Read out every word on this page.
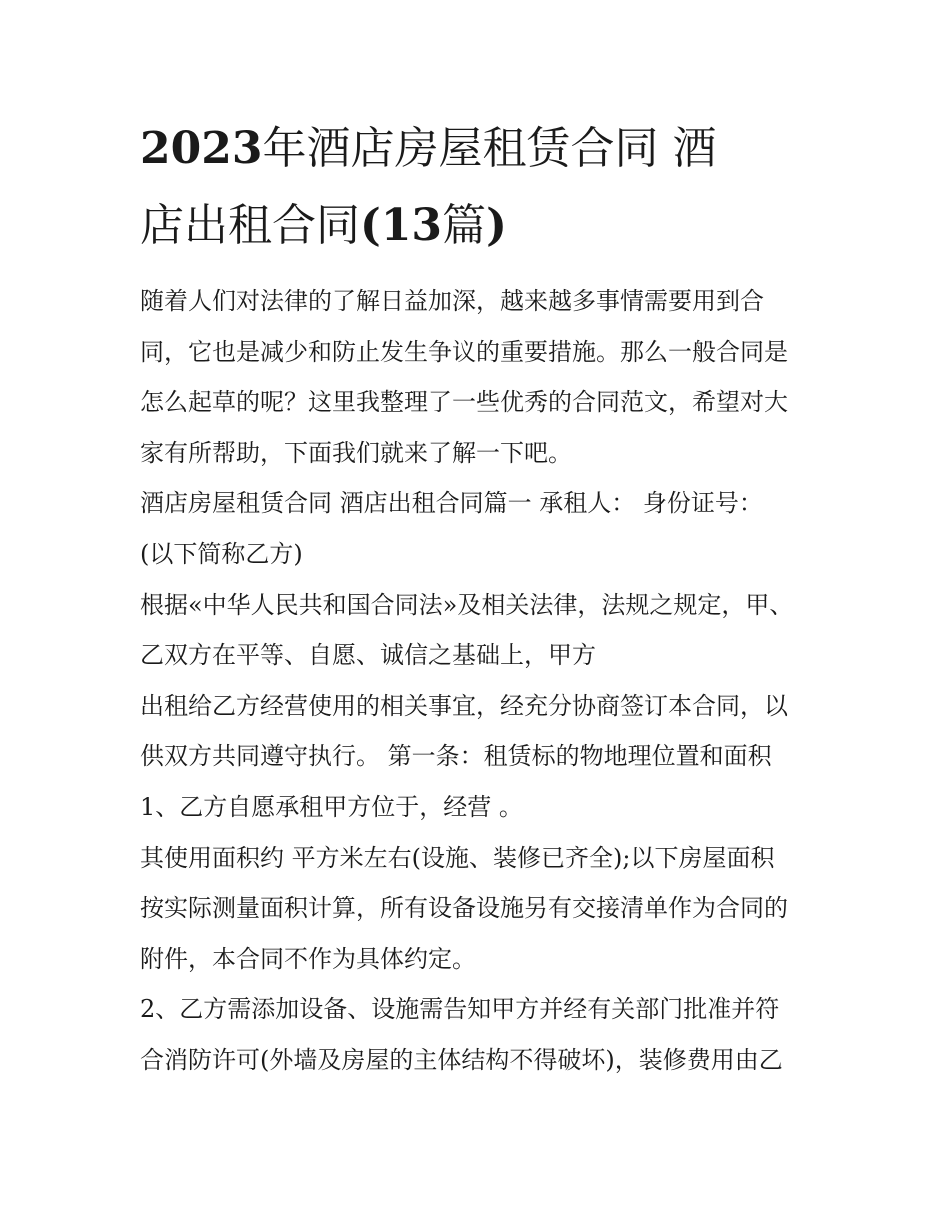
2023年酒店房屋租赁合同 酒
店出租合同(13篇)
随着人们对法律的了解日益加深，越来越多事情需要用到合
同，它也是减少和防止发生争议的重要措施。那么一般合同是
怎么起草的呢？这里我整理了一些优秀的合同范文，希望对大
家有所帮助，下面我们就来了解一下吧。
酒店房屋租赁合同 酒店出租合同篇一 承租人： 身份证号：
(以下简称乙方)
根据«中华人民共和国合同法»及相关法律，法规之规定，甲、
乙双方在平等、自愿、诚信之基础上，甲方
出租给乙方经营使用的相关事宜，经充分协商签订本合同，以
供双方共同遵守执行。 第一条：租赁标的物地理位置和面积
1、乙方自愿承租甲方位于，经营 。
其使用面积约 平方米左右(设施、装修已齐全);以下房屋面积
按实际测量面积计算，所有设备设施另有交接清单作为合同的
附件，本合同不作为具体约定。
2、乙方需添加设备、设施需告知甲方并经有关部门批准并符
合消防许可(外墙及房屋的主体结构不得破坏)，装修费用由乙
